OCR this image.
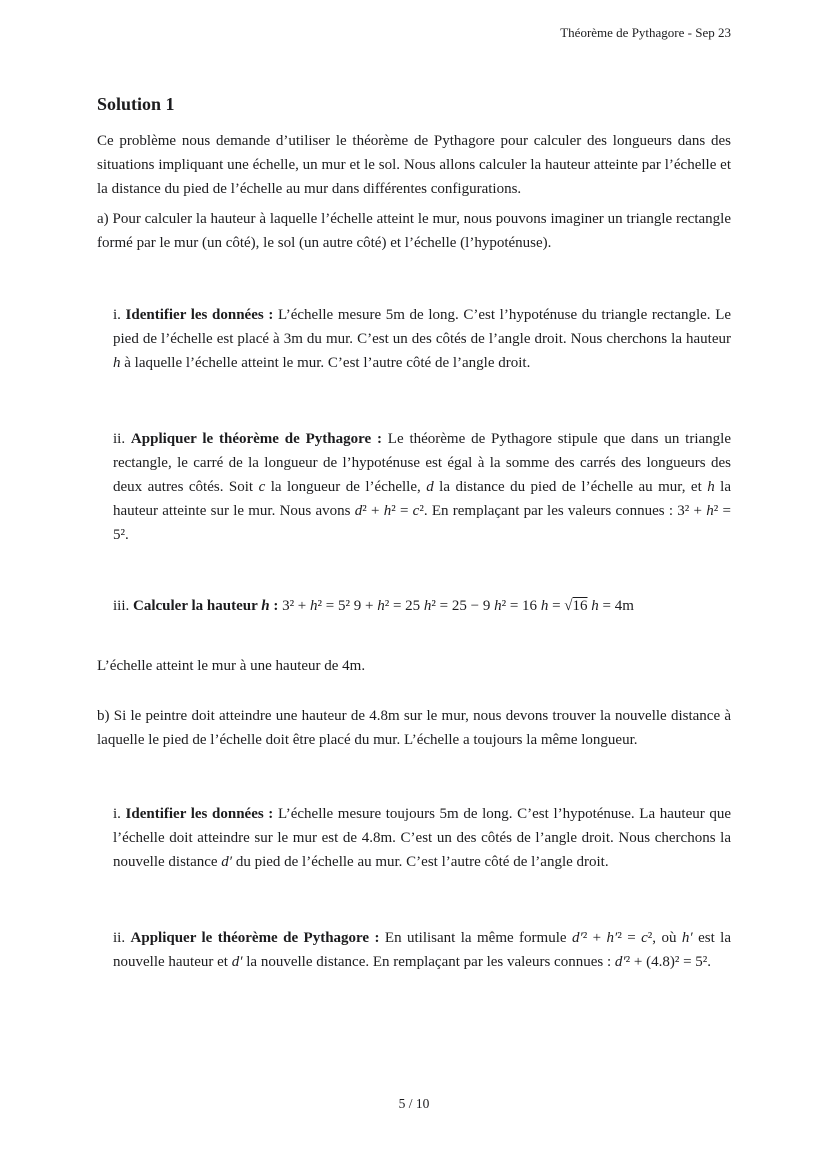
Théorème de Pythagore - Sep 23
Solution 1

Ce problème nous demande d’utiliser le théorème de Pythagore pour calculer des longueurs dans des situations impliquant une échelle, un mur et le sol. Nous allons calculer la hauteur atteinte par l’échelle et la distance du pied de l’échelle au mur dans différentes configurations.

a) Pour calculer la hauteur à laquelle l’échelle atteint le mur, nous pouvons imaginer un triangle rectangle formé par le mur (un côté), le sol (un autre côté) et l’échelle (l’hypoténuse).

i. Identifier les données : L’échelle mesure 5m de long. C’est l’hypoténuse du triangle rectangle. Le pied de l’échelle est placé à 3m du mur. C’est un des côtés de l’angle droit. Nous cherchons la hauteur h à laquelle l’échelle atteint le mur. C’est l’autre côté de l’angle droit.

ii. Appliquer le théorème de Pythagore : Le théorème de Pythagore stipule que dans un triangle rectangle, le carré de la longueur de l’hypoténuse est égal à la somme des carrés des longueurs des deux autres côtés. Soit c la longueur de l’échelle, d la distance du pied de l’échelle au mur, et h la hauteur atteinte sur le mur. Nous avons d² + h² = c². En remplaçant par les valeurs connues : 3² + h² = 5².

iii. Calculer la hauteur h : 3² + h² = 5² 9 + h² = 25 h² = 25 − 9 h² = 16 h = √16 h = 4m

L’échelle atteint le mur à une hauteur de 4m.

b) Si le peintre doit atteindre une hauteur de 4.8m sur le mur, nous devons trouver la nouvelle distance à laquelle le pied de l’échelle doit être placé du mur. L’échelle a toujours la même longueur.

i. Identifier les données : L’échelle mesure toujours 5m de long. C’est l’hypoténuse. La hauteur que l’échelle doit atteindre sur le mur est de 4.8m. C’est un des côtés de l’angle droit. Nous cherchons la nouvelle distance d′ du pied de l’échelle au mur. C’est l’autre côté de l’angle droit.

ii. Appliquer le théorème de Pythagore : En utilisant la même formule d′² + h′² = c², où h′ est la nouvelle hauteur et d′ la nouvelle distance. En remplaçant par les valeurs connues : d′² + (4.8)² = 5².

5 / 10
